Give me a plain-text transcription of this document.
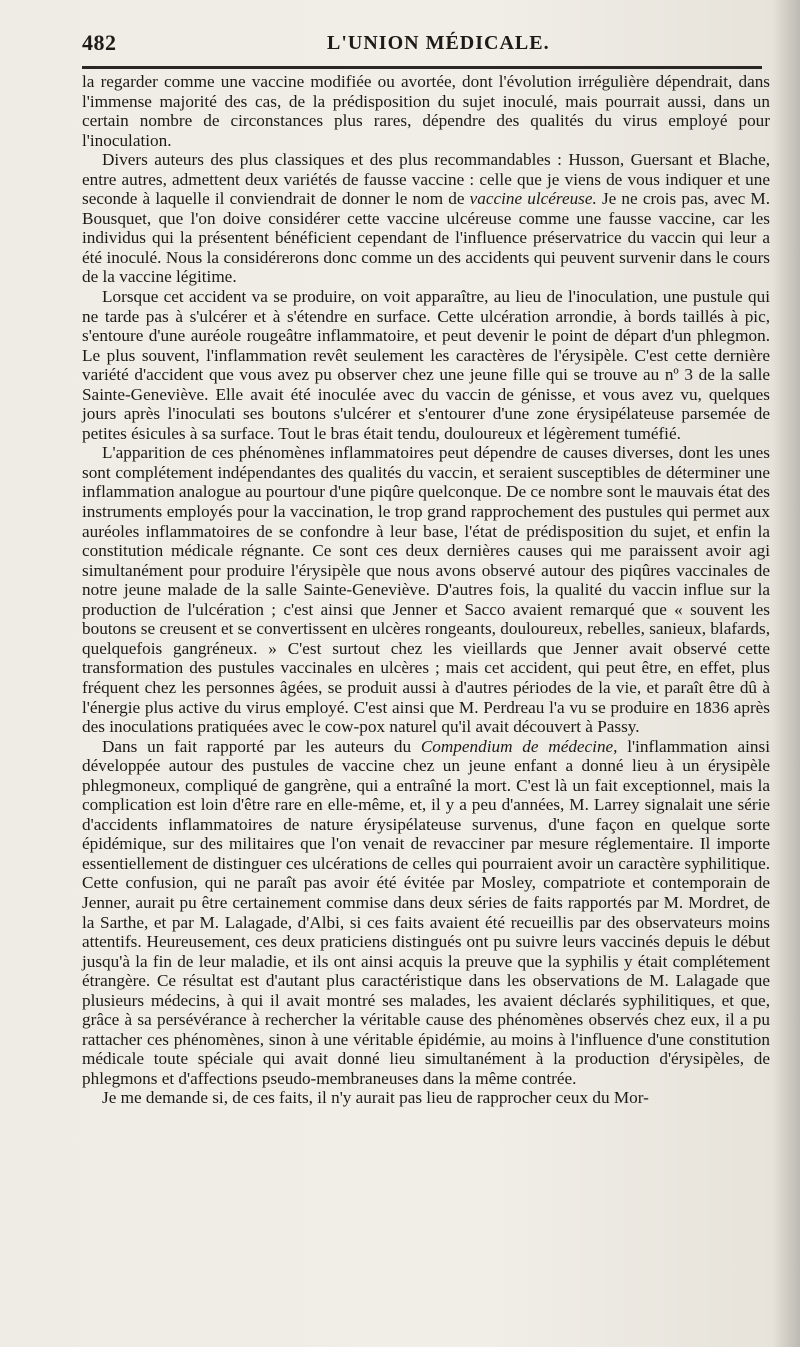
482	L'UNION MÉDICALE.

la regarder comme une vaccine modifiée ou avortée, dont l'évolution irrégulière dépendrait, dans l'immense majorité des cas, de la prédisposition du sujet inoculé, mais pourrait aussi, dans un certain nombre de circonstances plus rares, dépendre des qualités du virus employé pour l'inoculation.

Divers auteurs des plus classiques et des plus recommandables : Husson, Guersant et Blache, entre autres, admettent deux variétés de fausse vaccine : celle que je viens de vous indiquer et une seconde à laquelle il conviendrait de donner le nom de vaccine ulcéreuse. Je ne crois pas, avec M. Bousquet, que l'on doive considérer cette vaccine ulcéreuse comme une fausse vaccine, car les individus qui la présentent bénéficient cependant de l'influence préservatrice du vaccin qui leur a été inoculé. Nous la considérerons donc comme un des accidents qui peuvent survenir dans le cours de la vaccine légitime.

Lorsque cet accident va se produire, on voit apparaître, au lieu de l'inoculation, une pustule qui ne tarde pas à s'ulcérer et à s'étendre en surface. Cette ulcération arrondie, à bords taillés à pic, s'entoure d'une auréole rougeâtre inflammatoire, et peut devenir le point de départ d'un phlegmon. Le plus souvent, l'inflammation revêt seulement les caractères de l'érysipèle. C'est cette dernière variété d'accident que vous avez pu observer chez une jeune fille qui se trouve au nº 3 de la salle Sainte-Geneviève. Elle avait été inoculée avec du vaccin de génisse, et vous avez vu, quelques jours après l'inoculati ses boutons s'ulcérer et s'entourer d'une zone érysipélateuse parsemée de petites ésicules à sa surface. Tout le bras était tendu, douloureux et légèrement tuméfié.

L'apparition de ces phénomènes inflammatoires peut dépendre de causes diverses, dont les unes sont complétement indépendantes des qualités du vaccin, et seraient susceptibles de déterminer une inflammation analogue au pourtour d'une piqûre quelconque. De ce nombre sont le mauvais état des instruments employés pour la vaccination, le trop grand rapprochement des pustules qui permet aux auréoles inflammatoires de se confondre à leur base, l'état de prédisposition du sujet, et enfin la constitution médicale régnante. Ce sont ces deux dernières causes qui me paraissent avoir agi simultanément pour produire l'érysipèle que nous avons observé autour des piqûres vaccinales de notre jeune malade de la salle Sainte-Geneviève. D'autres fois, la qualité du vaccin influe sur la production de l'ulcération ; c'est ainsi que Jenner et Sacco avaient remarqué que « souvent les boutons se creusent et se convertissent en ulcères rongeants, douloureux, rebelles, sanieux, blafards, quelquefois gangréneux. » C'est surtout chez les vieillards que Jenner avait observé cette transformation des pustules vaccinales en ulcères ; mais cet accident, qui peut être, en effet, plus fréquent chez les personnes âgées, se produit aussi à d'autres périodes de la vie, et paraît être dû à l'énergie plus active du virus employé. C'est ainsi que M. Perdreau l'a vu se produire en 1836 après des inoculations pratiquées avec le cow-pox naturel qu'il avait découvert à Passy.

Dans un fait rapporté par les auteurs du Compendium de médecine, l'inflammation ainsi développée autour des pustules de vaccine chez un jeune enfant a donné lieu à un érysipèle phlegmoneux, compliqué de gangrène, qui a entraîné la mort. C'est là un fait exceptionnel, mais la complication est loin d'être rare en elle-même, et, il y a peu d'années, M. Larrey signalait une série d'accidents inflammatoires de nature érysipélateuse survenus, d'une façon en quelque sorte épidémique, sur des militaires que l'on venait de revacciner par mesure réglementaire. Il importe essentiellement de distinguer ces ulcérations de celles qui pourraient avoir un caractère syphilitique. Cette confusion, qui ne paraît pas avoir été évitée par Mosley, compatriote et contemporain de Jenner, aurait pu être certainement commise dans deux séries de faits rapportés par M. Mordret, de la Sarthe, et par M. Lalagade, d'Albi, si ces faits avaient été recueillis par des observateurs moins attentifs. Heureusement, ces deux praticiens distingués ont pu suivre leurs vaccinés depuis le début jusqu'à la fin de leur maladie, et ils ont ainsi acquis la preuve que la syphilis y était complétement étrangère. Ce résultat est d'autant plus caractéristique dans les observations de M. Lalagade que plusieurs médecins, à qui il avait montré ses malades, les avaient déclarés syphilitiques, et que, grâce à sa persévérance à rechercher la véritable cause des phénomènes observés chez eux, il a pu rattacher ces phénomènes, sinon à une véritable épidémie, au moins à l'influence d'une constitution médicale toute spéciale qui avait donné lieu simultanément à la production d'érysipèles, de phlegmons et d'affections pseudo-membraneuses dans la même contrée.

Je me demande si, de ces faits, il n'y aurait pas lieu de rapprocher ceux du Mor-
